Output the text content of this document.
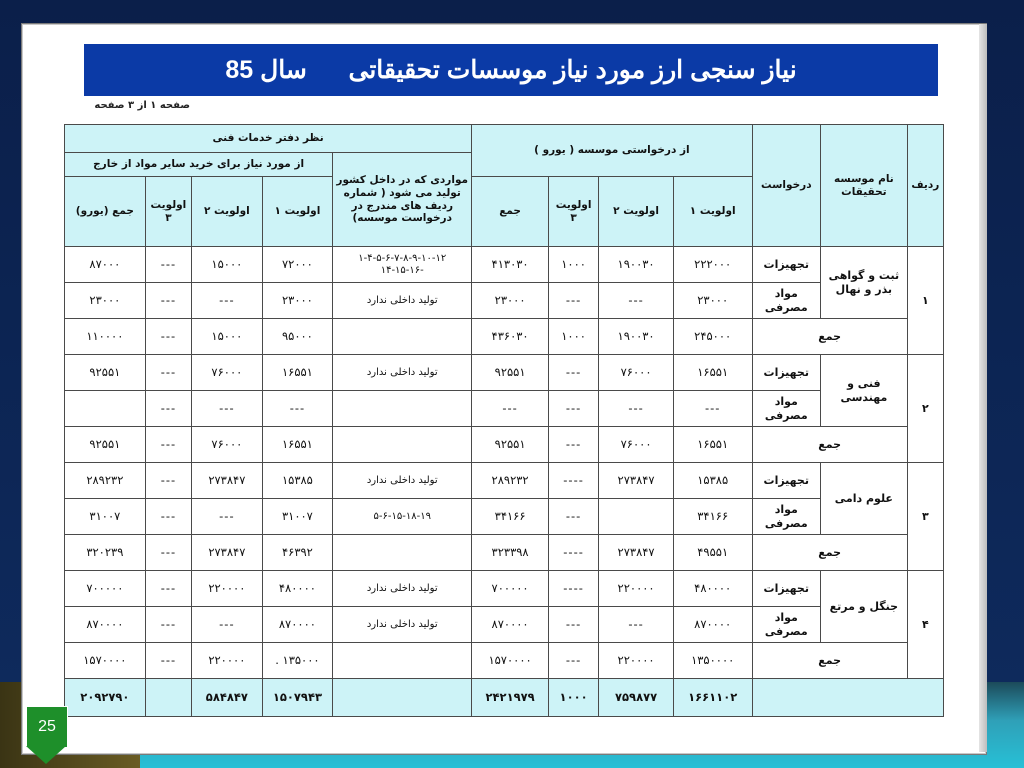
نیاز سنجی ارز مورد نیاز موسسات تحقیقاتی      سال 85
صفحه ۱ از ۳ صفحه
ردیف	نام موسسه تحقیقات	درخواست	از درخواستی موسسه ( یورو )				نظر دفتر خدمات فنی				
							مواردی که در داخل کشور تولید می شود ( شماره ردیف های مندرج در درخواست موسسه)	از مورد نیاز برای خرید سایر مواد از خارج			
			اولویت ۱	اولویت ۲	اولویت ۳	جمع		اولویت ۱	اولویت ۲	اولویت ۳	جمع (یورو)
۱	ثبت و گواهی بذر و نهال	تجهیزات	۲۲۲۰۰۰	۱۹۰۰۳۰	۱۰۰۰	۴۱۳۰۳۰	۱-۴-۵-۶-۷-۸-۹-۱۰-۱۲ -۱۴-۱۵-۱۶	۷۲۰۰۰	۱۵۰۰۰	---	۸۷۰۰۰
		مواد مصرفی	۲۳۰۰۰	---	---	۲۳۰۰۰	تولید داخلی ندارد	۲۳۰۰۰	---	---	۲۳۰۰۰
	جمع		۲۴۵۰۰۰	۱۹۰۰۳۰	۱۰۰۰	۴۳۶۰۳۰		۹۵۰۰۰	۱۵۰۰۰	---	۱۱۰۰۰۰
۲	فنی و مهندسی	تجهیزات	۱۶۵۵۱	۷۶۰۰۰	---	۹۲۵۵۱	تولید داخلی ندارد	۱۶۵۵۱	۷۶۰۰۰	---	۹۲۵۵۱
		مواد مصرفی	---	---	---	---		---	---	---	
	جمع		۱۶۵۵۱	۷۶۰۰۰	---	۹۲۵۵۱		۱۶۵۵۱	۷۶۰۰۰	---	۹۲۵۵۱
۳	علوم دامی	تجهیزات	۱۵۳۸۵	۲۷۳۸۴۷	----	۲۸۹۲۳۲	تولید داخلی ندارد	۱۵۳۸۵	۲۷۳۸۴۷	---	۲۸۹۲۳۲
		مواد مصرفی	۳۴۱۶۶		---	۳۴۱۶۶	۵-۶-۱۵-۱۸-۱۹	۳۱۰۰۷	---	---	۳۱۰۰۷
	جمع		۴۹۵۵۱	۲۷۳۸۴۷	----	۳۲۳۳۹۸		۴۶۳۹۲	۲۷۳۸۴۷	---	۳۲۰۲۳۹
۴	جنگل و مرتع	تجهیزات	۴۸۰۰۰۰	۲۲۰۰۰۰	----	۷۰۰۰۰۰	تولید داخلی ندارد	۴۸۰۰۰۰	۲۲۰۰۰۰	---	۷۰۰۰۰۰
		مواد مصرفی	۸۷۰۰۰۰	---	---	۸۷۰۰۰۰	تولید داخلی ندارد	۸۷۰۰۰۰	---	---	۸۷۰۰۰۰
	جمع		۱۳۵۰۰۰۰	۲۲۰۰۰۰	---	۱۵۷۰۰۰۰		۱۳۵۰۰۰ .	۲۲۰۰۰۰	---	۱۵۷۰۰۰۰
			۱۶۶۱۱۰۲	۷۵۹۸۷۷	۱۰۰۰	۲۴۲۱۹۷۹		۱۵۰۷۹۴۳	۵۸۴۸۴۷		۲۰۹۲۷۹۰
25
